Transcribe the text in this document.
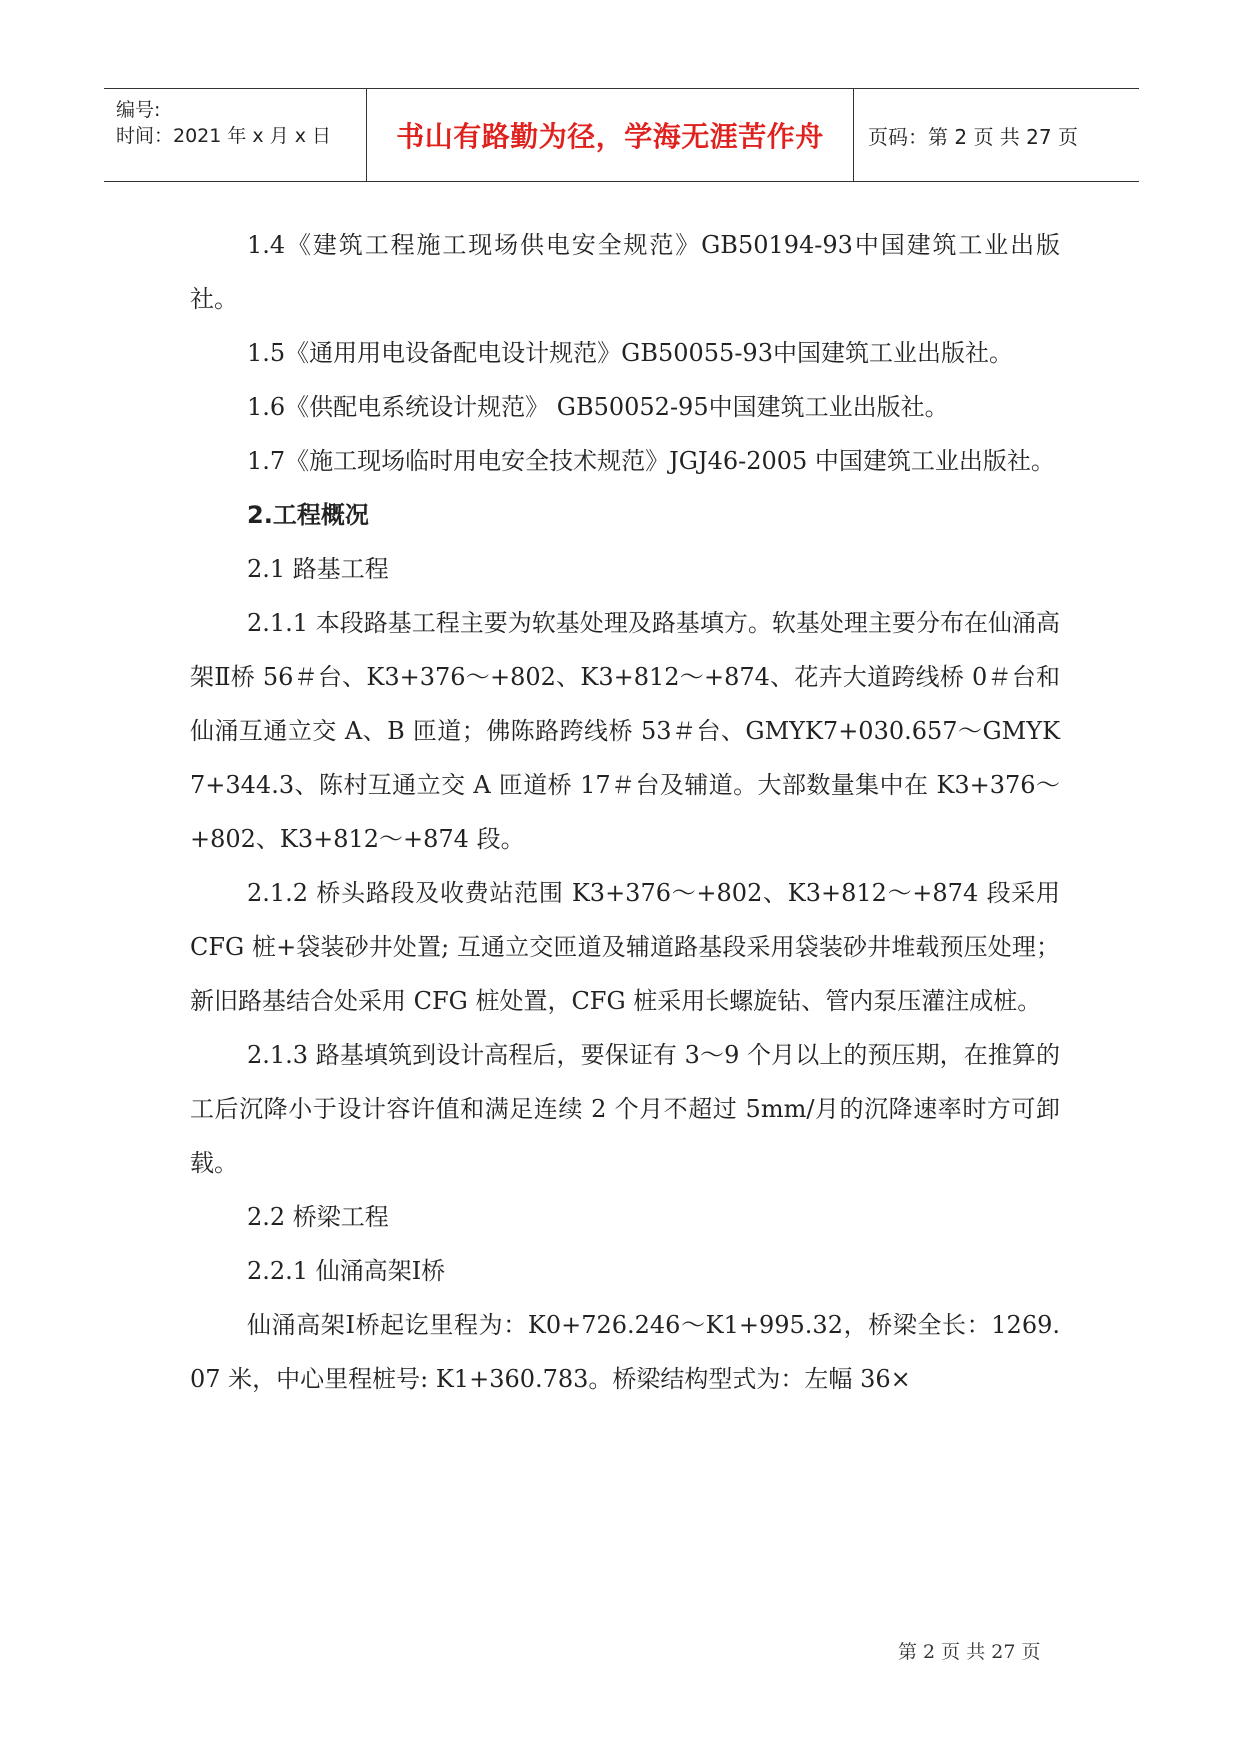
编号:
时间：2021 年 x 月 x 日 书山有路勤为径，学海无涯苦作舟 页码：第 2 页 共 27 页

1.4《建筑工程施工现场供电安全规范》GB50194-93中国建筑工业出版社。

1.5《通用用电设备配电设计规范》GB50055-93中国建筑工业出版社。

1.6《供配电系统设计规范》 GB50052-95中国建筑工业出版社。

1.7《施工现场临时用电安全技术规范》JGJ46-2005 中国建筑工业出版社。

2.工程概况

2.1 路基工程

2.1.1 本段路基工程主要为软基处理及路基填方。软基处理主要分布在仙涌高架Ⅱ桥 56＃台、K3+376～+802、K3+812～+874、花卉大道跨线桥 0＃台和仙涌互通立交 A、B 匝道；佛陈路跨线桥 53＃台、GMYK7+030.657～GMYK7+344.3、陈村互通立交 A 匝道桥 17＃台及辅道。大部数量集中在 K3+376～+802、K3+812～+874 段。

2.1.2 桥头路段及收费站范围 K3+376～+802、K3+812～+874 段采用 CFG 桩+袋装砂井处置; 互通立交匝道及辅道路基段采用袋装砂井堆载预压处理；新旧路基结合处采用 CFG 桩处置，CFG 桩采用长螺旋钻、管内泵压灌注成桩。

2.1.3 路基填筑到设计高程后，要保证有 3～9 个月以上的预压期，在推算的工后沉降小于设计容许值和满足连续 2 个月不超过 5mm/月的沉降速率时方可卸载。

2.2 桥梁工程

2.2.1 仙涌高架Ⅰ桥

仙涌高架Ⅰ桥起讫里程为：K0+726.246～K1+995.32，桥梁全长：1269.07 米，中心里程桩号: K1+360.783。桥梁结构型式为：左幅 36×

第 2 页 共 27 页
